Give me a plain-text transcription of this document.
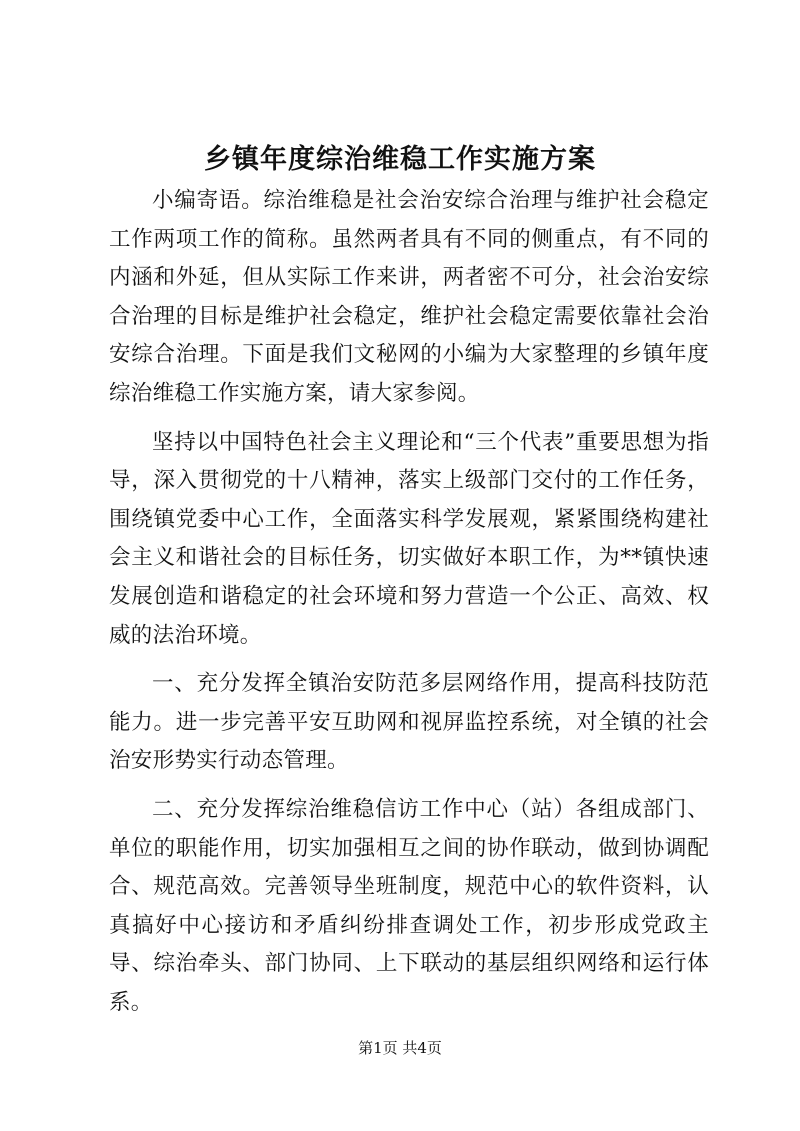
乡镇年度综治维稳工作实施方案

小编寄语。综治维稳是社会治安综合治理与维护社会稳定工作两项工作的简称。虽然两者具有不同的侧重点，有不同的内涵和外延，但从实际工作来讲，两者密不可分，社会治安综合治理的目标是维护社会稳定，维护社会稳定需要依靠社会治安综合治理。下面是我们文秘网的小编为大家整理的乡镇年度综治维稳工作实施方案，请大家参阅。

坚持以中国特色社会主义理论和“三个代表”重要思想为指导，深入贯彻党的十八精神，落实上级部门交付的工作任务，围绕镇党委中心工作，全面落实科学发展观，紧紧围绕构建社会主义和谐社会的目标任务，切实做好本职工作，为**镇快速发展创造和谐稳定的社会环境和努力营造一个公正、高效、权威的法治环境。

一、充分发挥全镇治安防范多层网络作用，提高科技防范能力。进一步完善平安互助网和视屏监控系统，对全镇的社会治安形势实行动态管理。

二、充分发挥综治维稳信访工作中心（站）各组成部门、单位的职能作用，切实加强相互之间的协作联动，做到协调配合、规范高效。完善领导坐班制度，规范中心的软件资料，认真搞好中心接访和矛盾纠纷排查调处工作，初步形成党政主导、综治牵头、部门协同、上下联动的基层组织网络和运行体系。

第1页 共4页
